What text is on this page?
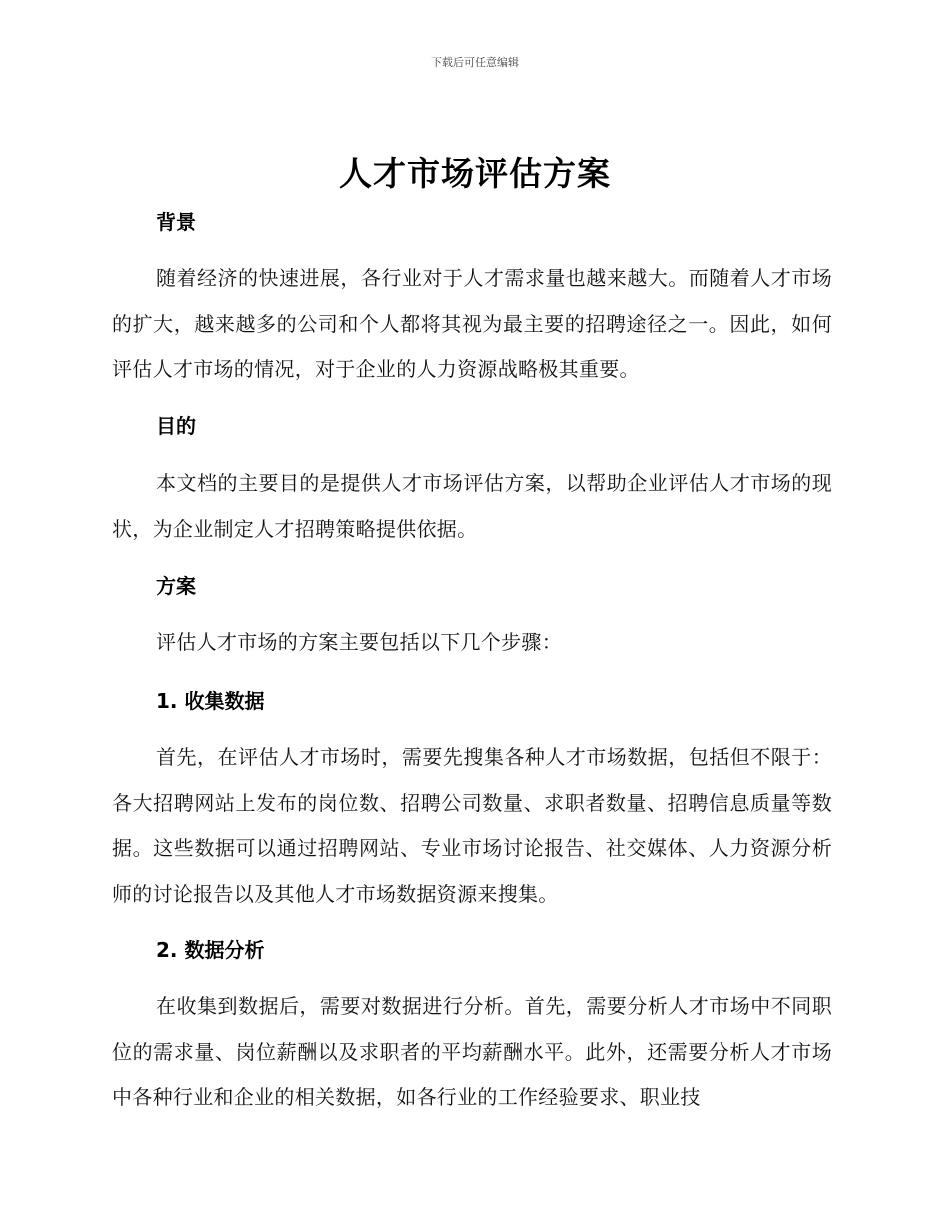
下载后可任意编辑
人才市场评估方案
背景

随着经济的快速进展，各行业对于人才需求量也越来越大。而随着人才市场的扩大，越来越多的公司和个人都将其视为最主要的招聘途径之一。因此，如何评估人才市场的情况，对于企业的人力资源战略极其重要。

目的

本文档的主要目的是提供人才市场评估方案，以帮助企业评估人才市场的现状，为企业制定人才招聘策略提供依据。

方案

评估人才市场的方案主要包括以下几个步骤：

1. 收集数据

首先，在评估人才市场时，需要先搜集各种人才市场数据，包括但不限于：各大招聘网站上发布的岗位数、招聘公司数量、求职者数量、招聘信息质量等数据。这些数据可以通过招聘网站、专业市场讨论报告、社交媒体、人力资源分析师的讨论报告以及其他人才市场数据资源来搜集。

2. 数据分析

在收集到数据后，需要对数据进行分析。首先，需要分析人才市场中不同职位的需求量、岗位薪酬以及求职者的平均薪酬水平。此外，还需要分析人才市场中各种行业和企业的相关数据，如各行业的工作经验要求、职业技
